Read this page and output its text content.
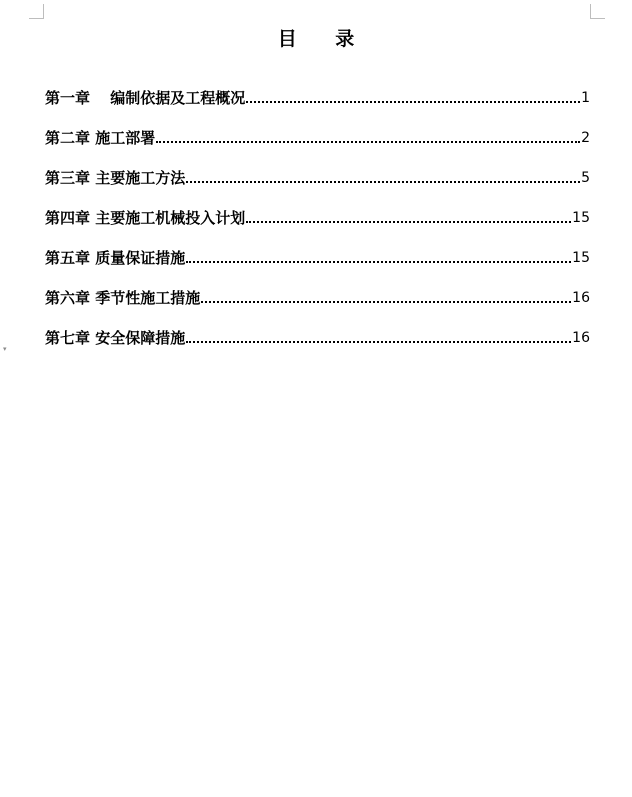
目 录
第一章　 编制依据及工程概况	1
第二章 施工部署	2
第三章 主要施工方法	5
第四章 主要施工机械投入计划	15
第五章 质量保证措施	15
第六章 季节性施工措施	16
第七章 安全保障措施	16
▾
